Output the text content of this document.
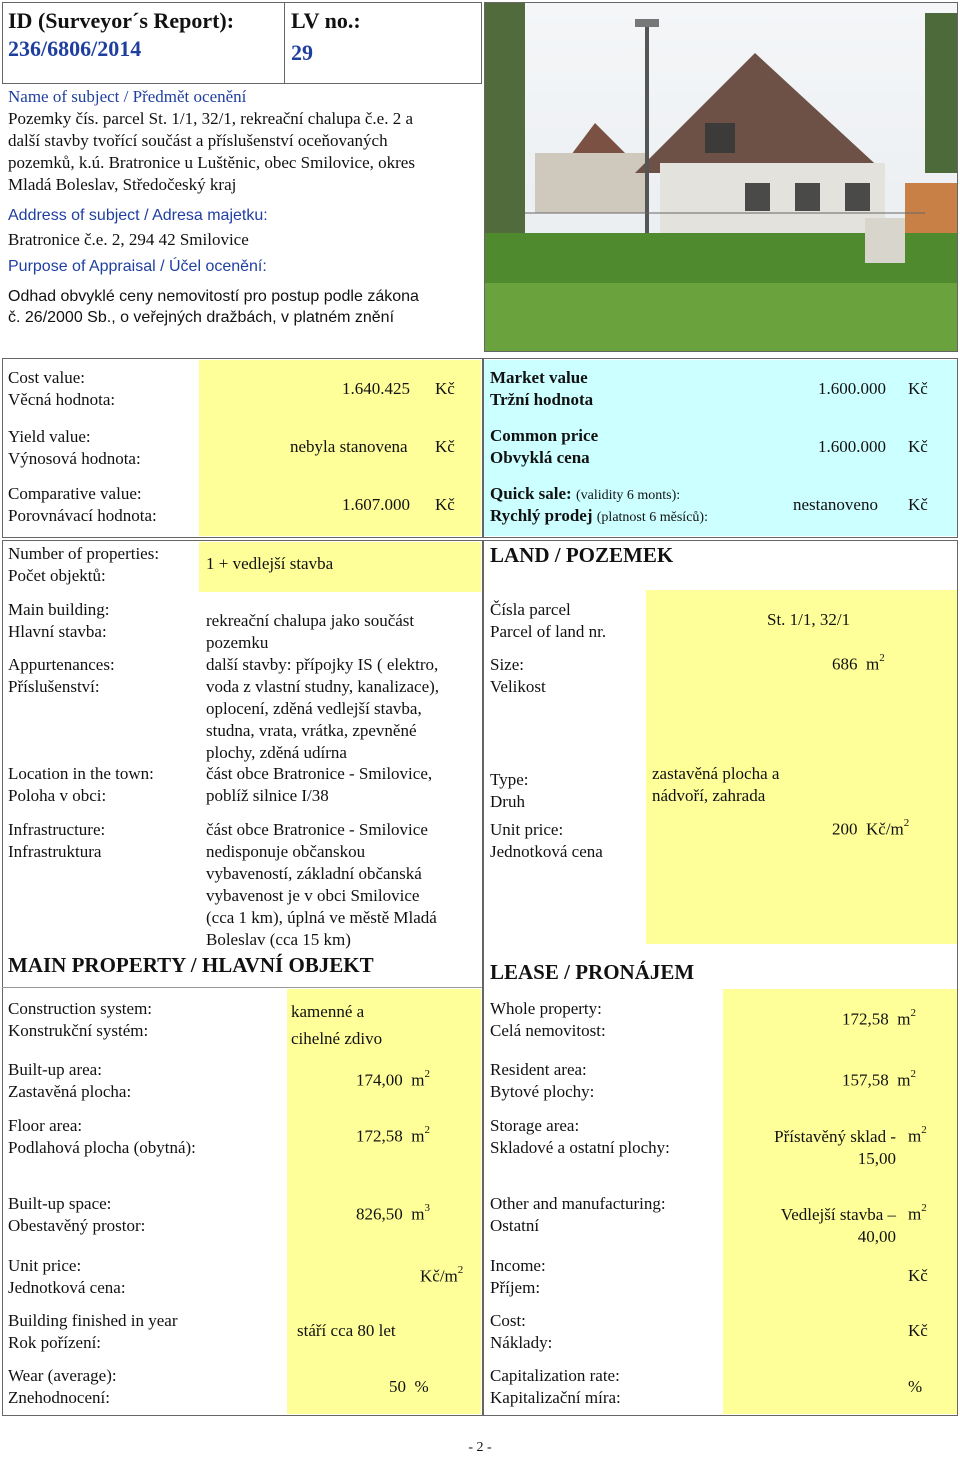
ID (Surveyor´s Report):
236/6806/2014
LV no.:
29
Name of subject / Předmět ocenění
Pozemky čís. parcel St. 1/1, 32/1, rekreační chalupa č.e. 2 a
další stavby tvořící součást a příslušenství oceňovaných
pozemků, k.ú. Bratronice u Luštěnic, obec Smilovice, okres
Mladá Boleslav, Středočeský kraj
Address of subject / Adresa majetku:
Bratronice č.e. 2, 294 42 Smilovice
Purpose of Appraisal / Účel ocenění:
Odhad obvyklé ceny nemovitostí pro postup podle zákona
č. 26/2000 Sb., o veřejných dražbách, v platném znění
Cost value:
Věcná hodnota:
1.640.425 Kč
Yield value:
Výnosová hodnota:
nebyla stanovena Kč
Comparative value:
Porovnávací hodnota:
1.607.000 Kč
Market value
Tržní hodnota
1.600.000 Kč
Common price
Obvyklá cena
1.600.000 Kč
Quick sale: (validity 6 monts):
Rychlý prodej (platnost 6 měsíců):
nestanoveno Kč
Number of properties:
Počet objektů:
1 + vedlejší stavba
Main building:
Hlavní stavba:
rekreační chalupa jako součást
pozemku
Appurtenances:
Příslušenství:
další stavby: přípojky IS ( elektro,
voda z vlastní studny, kanalizace),
oplocení, zděná vedlejší stavba,
studna, vrata, vrátka, zpevněné
plochy, zděná udírna
Location in the town:
Poloha v obci:
část obce Bratronice - Smilovice,
poblíž silnice I/38
Infrastructure:
Infrastruktura
část obce Bratronice - Smilovice
nedisponuje občanskou
vybaveností, základní občanská
vybavenost je v obci Smilovice
(cca 1 km), úplná ve městě Mladá
Boleslav (cca 15 km)
LAND / POZEMEK
Čísla parcel
Parcel of land nr.
St. 1/1, 32/1
Size:
Velikost
686 $m^2$
Type:
Druh
zastavěná plocha a
nádvoří, zahrada
Unit price:
Jednotková cena
200 $Kč/m^2$
MAIN PROPERTY / HLAVNÍ OBJEKT
Construction system:
Konstrukční systém:
kamenné a
cihelné zdivo
Built-up area:
Zastavěná plocha:
174,00 $m^2$
Floor area:
Podlahová plocha (obytná):
172,58 $m^2$
Built-up space:
Obestavěný prostor:
826,50 $m^3$
Unit price:
Jednotková cena:
$Kč/m^2$
Building finished in year
Rok pořízení:
stáří cca 80 let
Wear (average):
Znehodnocení:
50 %
LEASE / PRONÁJEM
Whole property:
Celá nemovitost:
172,58 $m^2$
Resident area:
Bytové plochy:
157,58 $m^2$
Storage area:
Skladové a ostatní plochy:
Přístavěný sklad -
15,00
$m^2$
Other and manufacturing:
Ostatní
Vedlejší stavba –
40,00
$m^2$
Income:
Příjem:
Kč
Cost:
Náklady:
Kč
Capitalization rate:
Kapitalizační míra:
%
- 2 -
